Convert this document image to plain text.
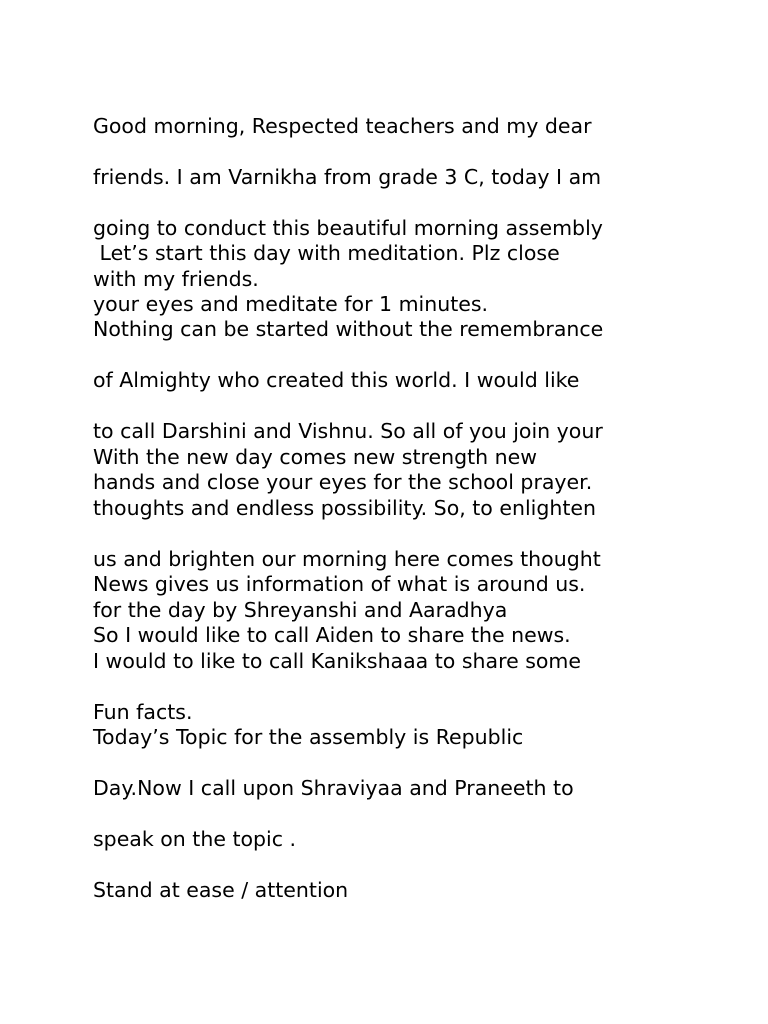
Good morning, Respected teachers and my dear

friends. I am Varnikha from grade 3 C, today I am

going to conduct this beautiful morning assembly

with my friends.

Let’s start this day with meditation. Plz close

your eyes and meditate for 1 minutes.

Nothing can be started without the remembrance

of Almighty who created this world. I would like

to call Darshini and Vishnu. So all of you join your

hands and close your eyes for the school prayer.

With the new day comes new strength new

thoughts and endless possibility. So, to enlighten

us and brighten our morning here comes thought

for the day by Shreyanshi and Aaradhya

News gives us information of what is around us.

So I would like to call Aiden to share the news.

I would to like to call Kanikshaaa to share some

Fun facts.

Today’s Topic for the assembly is Republic

Day.Now I call upon Shraviyaa and Praneeth to

speak on the topic .

Stand at ease / attention
